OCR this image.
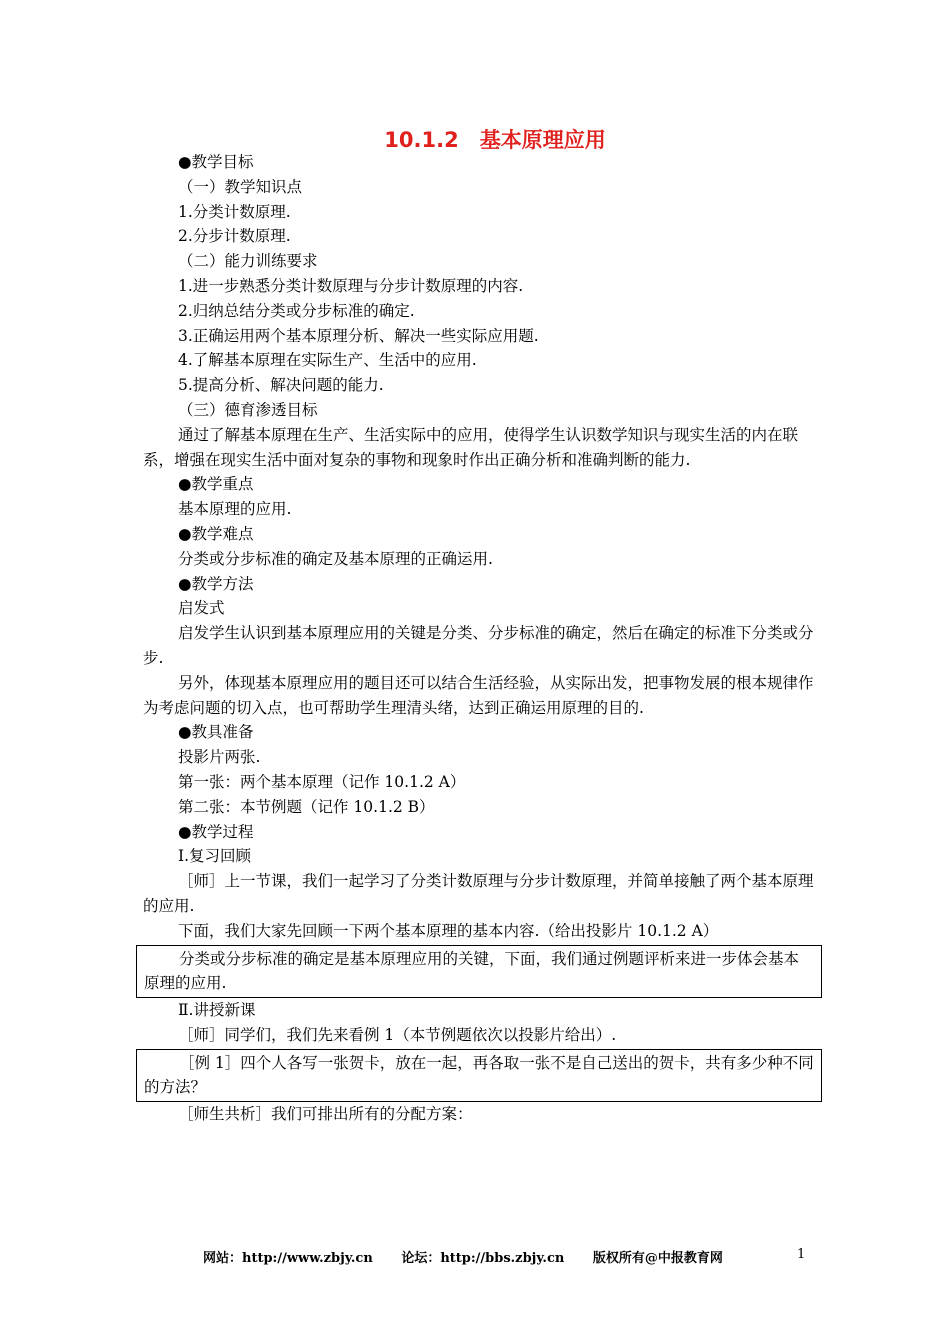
10.1.2　基本原理应用

●教学目标

（一）教学知识点

1.分类计数原理.

2.分步计数原理.

（二）能力训练要求

1.进一步熟悉分类计数原理与分步计数原理的内容.

2.归纳总结分类或分步标准的确定.

3.正确运用两个基本原理分析、解决一些实际应用题.

4.了解基本原理在实际生产、生活中的应用.

5.提高分析、解决问题的能力.

（三）德育渗透目标

通过了解基本原理在生产、生活实际中的应用，使得学生认识数学知识与现实生活的内在联系，增强在现实生活中面对复杂的事物和现象时作出正确分析和准确判断的能力.

●教学重点

基本原理的应用.

●教学难点

分类或分步标准的确定及基本原理的正确运用.

●教学方法

启发式

启发学生认识到基本原理应用的关键是分类、分步标准的确定，然后在确定的标准下分类或分步.

另外，体现基本原理应用的题目还可以结合生活经验，从实际出发，把事物发展的根本规律作为考虑问题的切入点，也可帮助学生理清头绪，达到正确运用原理的目的.

●教具准备

投影片两张.

第一张：两个基本原理（记作 10.1.2 A）

第二张：本节例题（记作 10.1.2 B）

●教学过程

Ⅰ.复习回顾

［师］上一节课，我们一起学习了分类计数原理与分步计数原理，并简单接触了两个基本原理的应用.

下面，我们大家先回顾一下两个基本原理的基本内容.（给出投影片 10.1.2 A）

分类或分步标准的确定是基本原理应用的关键，下面，我们通过例题评析来进一步体会基本原理的应用.

Ⅱ.讲授新课

［师］同学们，我们先来看例 1（本节例题依次以投影片给出）.

［例 1］四个人各写一张贺卡，放在一起，再各取一张不是自己送出的贺卡，共有多少种不同的方法？

［师生共析］我们可排出所有的分配方案：

网站：http://www.zbjy.cn 论坛：http://bbs.zbjy.cn 版权所有@中报教育网	1
